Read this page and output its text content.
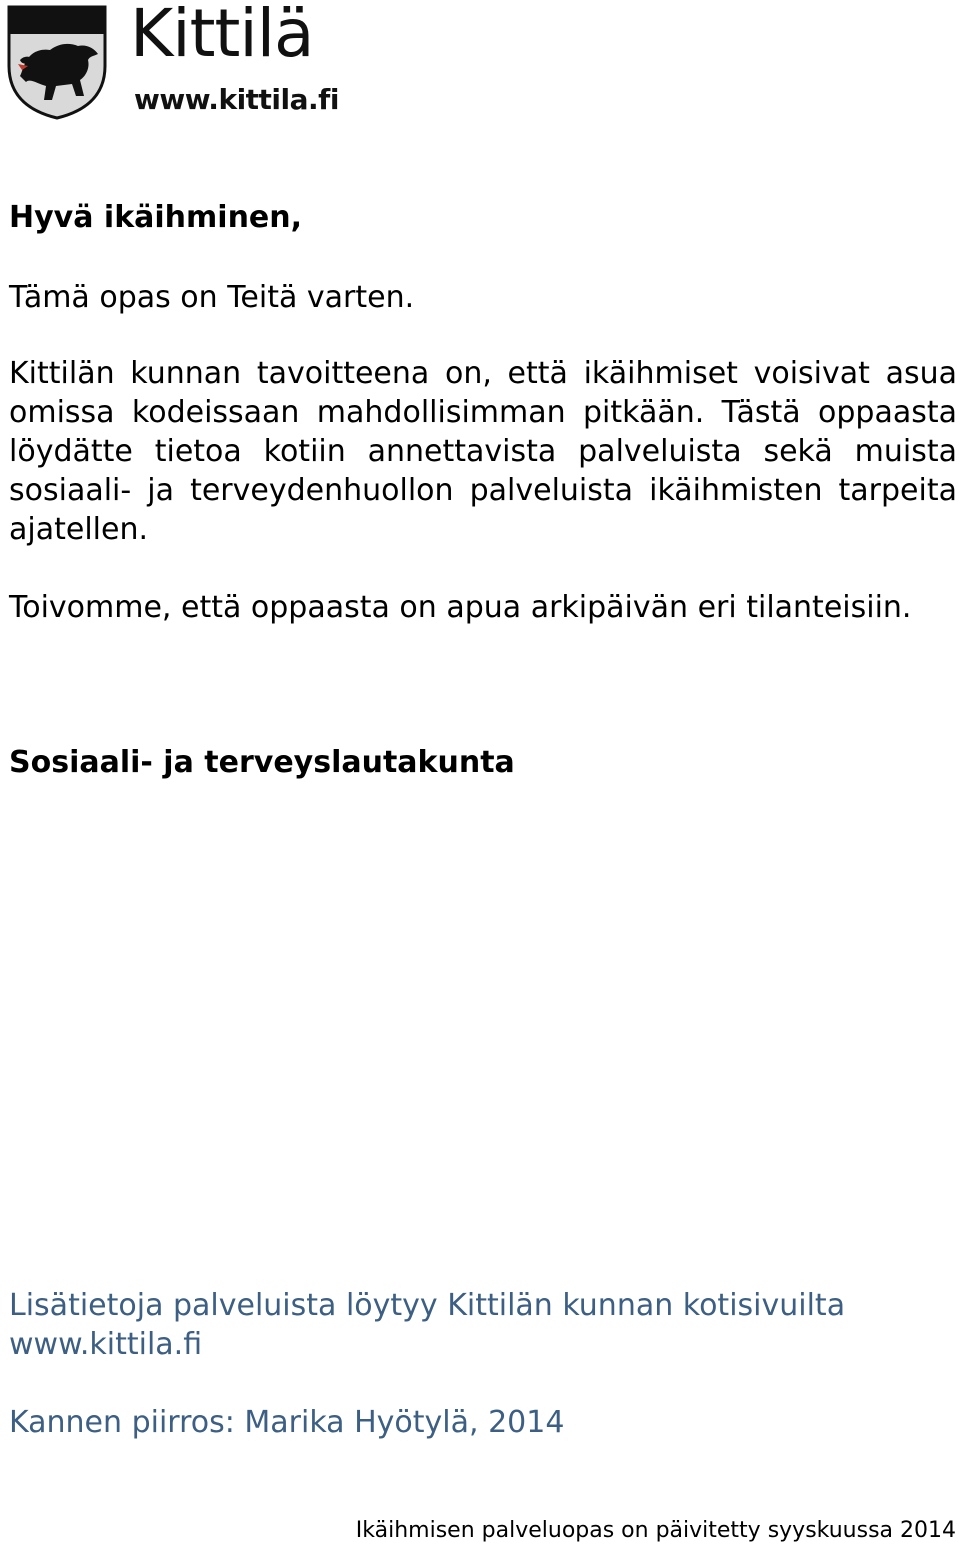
Kittilä
www.kittila.fi

Hyvä ikäihminen,

Tämä opas on Teitä varten.

Kittilän kunnan tavoitteena on, että ikäihmiset voisivat asua omissa kodeissaan mahdollisimman pitkään. Tästä oppaasta löydätte tietoa kotiin annettavista palveluista sekä muista sosiaali- ja terveydenhuollon palveluista ikäihmisten tarpeita ajatellen.

Toivomme, että oppaasta on apua arkipäivän eri tilanteisiin.

Sosiaali- ja terveyslautakunta

Lisätietoja palveluista löytyy Kittilän kunnan kotisivuilta www.kittila.fi

Kannen piirros: Marika Hyötylä, 2014

Ikäihmisen palveluopas on päivitetty syyskuussa 2014
